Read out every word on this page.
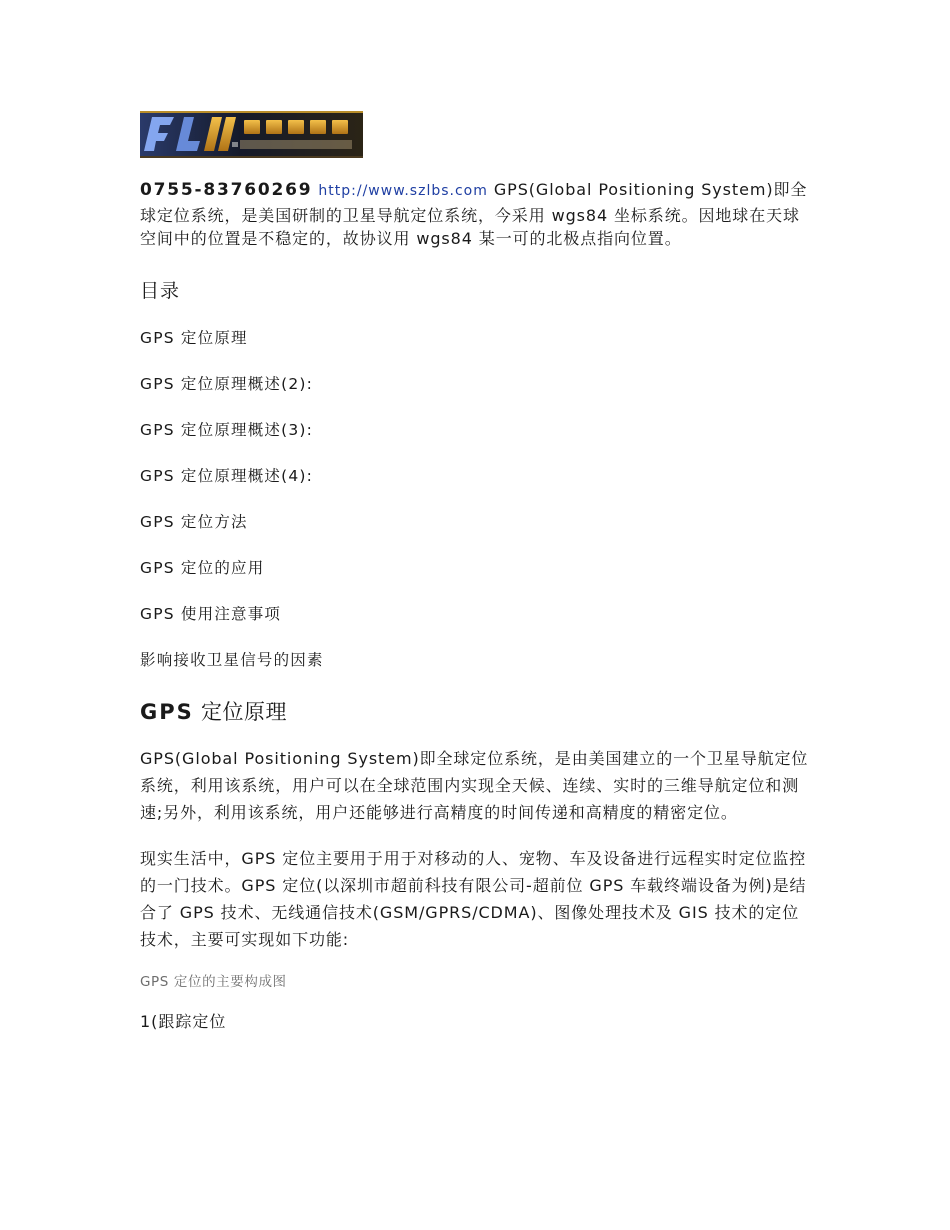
0755-83760269 http://www.szlbs.com GPS(Global Positioning System)即全球定位系统，是美国研制的卫星导航定位系统，今采用 wgs84 坐标系统。因地球在天球空间中的位置是不稳定的，故协议用 wgs84 某一可的北极点指向位置。
目录
GPS 定位原理
GPS 定位原理概述(2):
GPS 定位原理概述(3):
GPS 定位原理概述(4):
GPS 定位方法
GPS 定位的应用
GPS 使用注意事项
影响接收卫星信号的因素
GPS 定位原理
GPS(Global Positioning System)即全球定位系统，是由美国建立的一个卫星导航定位系统，利用该系统，用户可以在全球范围内实现全天候、连续、实时的三维导航定位和测速;另外，利用该系统，用户还能够进行高精度的时间传递和高精度的精密定位。
现实生活中，GPS 定位主要用于用于对移动的人、宠物、车及设备进行远程实时定位监控的一门技术。GPS 定位(以深圳市超前科技有限公司-超前位 GPS 车载终端设备为例)是结合了 GPS 技术、无线通信技术(GSM/GPRS/CDMA)、图像处理技术及 GIS 技术的定位技术，主要可实现如下功能:
GPS 定位的主要构成图
1(跟踪定位
